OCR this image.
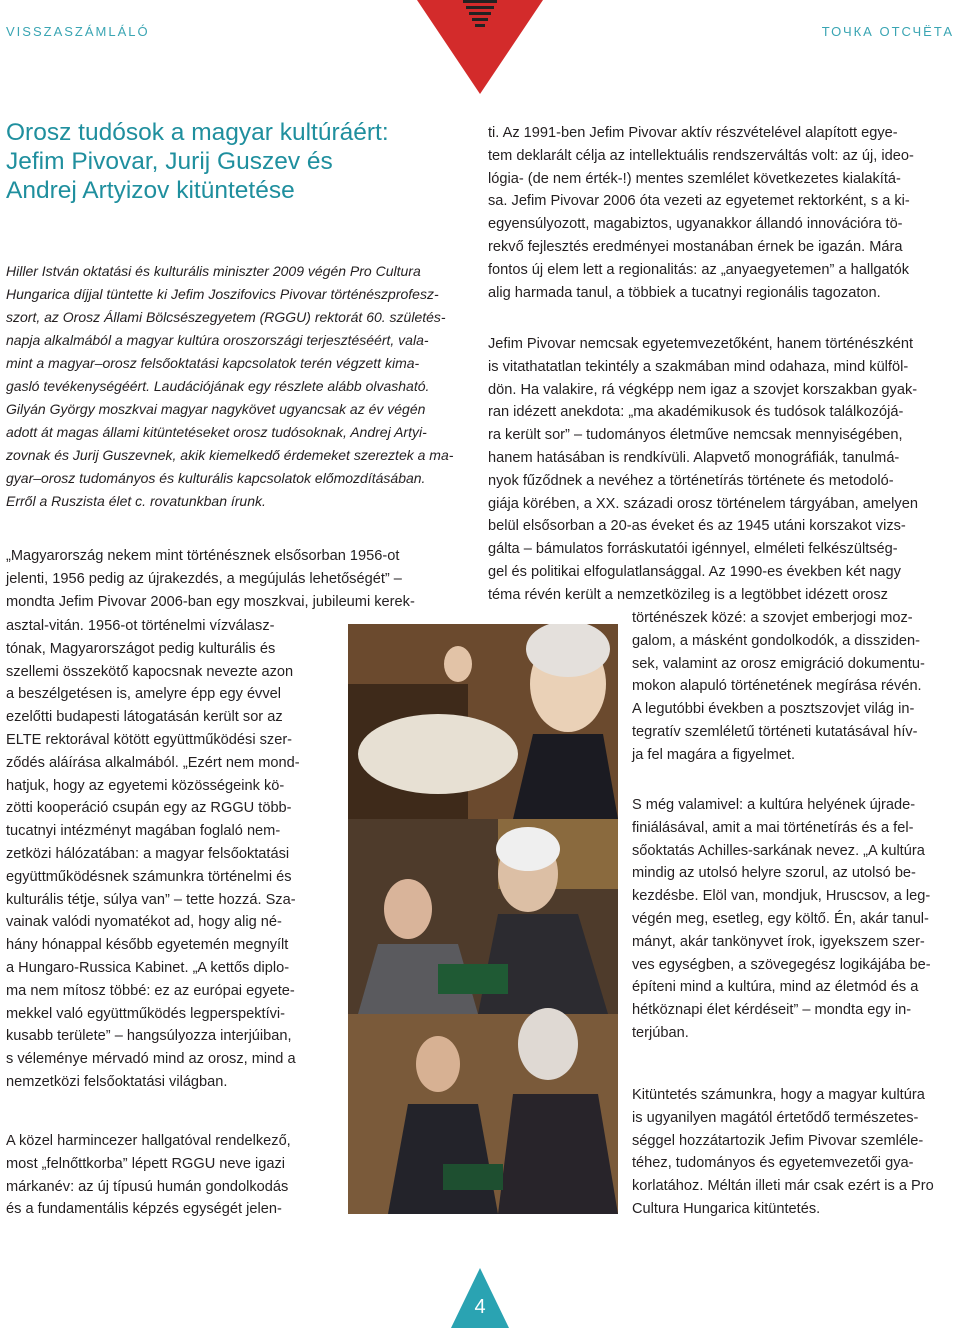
VISSZASZÁMLÁLÓ	ТОЧКА ОТСЧЁТА
Orosz tudósok a magyar kultúráért:
Jefim Pivovar, Jurij Guszev és
Andrej Artyizov kitüntetése
Hiller István oktatási és kulturális miniszter 2009 végén Pro Cultura
Hungarica díjjal tüntette ki Jefim Joszifovics Pivovar történészprofesz-
szort, az Orosz Állami Bölcsészegyetem (RGGU) rektorát 60. születés-
napja alkalmából a magyar kultúra oroszországi terjesztéséért, vala-
mint a magyar–orosz felsőoktatási kapcsolatok terén végzett kima-
gasló tevékenységéért. Laudációjának egy részlete alább olvasható.
Gilyán György moszkvai magyar nagykövet ugyancsak az év végén
adott át magas állami kitüntetéseket orosz tudósoknak, Andrej Artyi-
zovnak és Jurij Guszevnek, akik kiemelkedő érdemeket szereztek a ma-
gyar–orosz tudományos és kulturális kapcsolatok előmozdításában.
Erről a Ruszista élet c. rovatunkban írunk.
„Magyarország nekem mint történésznek elsősorban 1956-ot
jelenti, 1956 pedig az újrakezdés, a megújulás lehetőségét” –
mondta Jefim Pivovar 2006-ban egy moszkvai, jubileumi kerek-
asztal-vitán. 1956-ot történelmi vízválasz-
tónak, Magyarországot pedig kulturális és
szellemi összekötő kapocsnak nevezte azon
a beszélgetésen is, amelyre épp egy évvel
ezelőtti budapesti látogatásán került sor az
ELTE rektorával kötött együttműködési szer-
ződés aláírása alkalmából. „Ezért nem mond-
hatjuk, hogy az egyetemi közösségeink kö-
zötti kooperáció csupán egy az RGGU több-
tucatnyi intézményt magában foglaló nem-
zetközi hálózatában: a magyar felsőoktatási
együttműködésnek számunkra történelmi és
kulturális tétje, súlya van” – tette hozzá. Sza-
vainak valódi nyomatékot ad, hogy alig né-
hány hónappal később egyetemén megnyílt
a Hungaro-Russica Kabinet. „A kettős diplo-
ma nem mítosz többé: ez az európai egyete-
mekkel való együttműködés legperspektívi-
kusabb területe” – hangsúlyozza interjúiban,
s véleménye mérvadó mind az orosz, mind a
nemzetközi felsőoktatási világban.
A közel harmincezer hallgatóval rendelkező,
most „felnőttkorba” lépett RGGU neve igazi
márkanév: az új típusú humán gondolkodás
és a fundamentális képzés egységét jelen-
ti. Az 1991-ben Jefim Pivovar aktív részvételével alapított egye-
tem deklarált célja az intellektuális rendszerváltás volt: az új, ideo-
lógia- (de nem érték-!) mentes szemlélet következetes kialakítá-
sa. Jefim Pivovar 2006 óta vezeti az egyetemet rektorként, s a ki-
egyensúlyozott, magabiztos, ugyanakkor állandó innovációra tö-
rekvő fejlesztés eredményei mostanában érnek be igazán. Mára
fontos új elem lett a regionalitás: az „anyaegyetemen” a hallgatók
alig harmada tanul, a többiek a tucatnyi regionális tagozaton.
Jefim Pivovar nemcsak egyetemvezetőként, hanem történészként
is vitathatatlan tekintély a szakmában mind odahaza, mind külföl-
dön. Ha valakire, rá végképp nem igaz a szovjet korszakban gyak-
ran idézett anekdota: „ma akadémikusok és tudósok találkozójá-
ra került sor” – tudományos életművе nemcsak mennyiségében,
hanem hatásában is rendkívüli. Alapvető monográfiák, tanulmá-
nyok fűződnek a nevéhez a történetírás története és metodoló-
giája körében, a XX. századi orosz történelem tárgyában, amelyen
belül elsősorban a 20-as éveket és az 1945 utáni korszakot vizs-
gálta – bámulatos forráskutatói igénnyel, elméleti felkészültség-
gel és politikai elfogulatlansággal. Az 1990-es években két nagy
téma révén került a nemzetközileg is a legtöbbet idézett orosz
történészek közé: a szovjet emberjogi moz-
galom, a másként gondolkodók, a dissziden-
sek, valamint az orosz emigráció dokumentu-
mokon alapuló történetének megírása révén.
A legutóbbi években a posztszovjet világ in-
tegratív szemléletű történeti kutatásával hív-
ja fel magára a figyelmet.
S még valamivel: a kultúra helyének újrade-
finiálásával, amit a mai történetírás és a fel-
sőoktatás Achilles-sarkának nevez. „A kultúra
mindig az utolsó helyre szorul, az utolsó be-
kezdésbe. Elöl van, mondjuk, Hruscsov, a leg-
végén meg, esetleg, egy költő. Én, akár tanul-
mányt, akár tankönyvet írok, igyekszem szer-
ves egységben, a szövegegész logikájába be-
építeni mind a kultúra, mind az életmód és a
hétköznapi élet kérdéseit” – mondta egy in-
terjúban.
Kitüntetés számunkra, hogy a magyar kultúra
is ugyanilyen magától értetődő természetes-
séggel hozzátartozik Jefim Pivovar szemléle-
téhez, tudományos és egyetemvezetői gya-
korlatához. Méltán illeti már csak ezért is a Pro
Cultura Hungarica kitüntetés.
4
